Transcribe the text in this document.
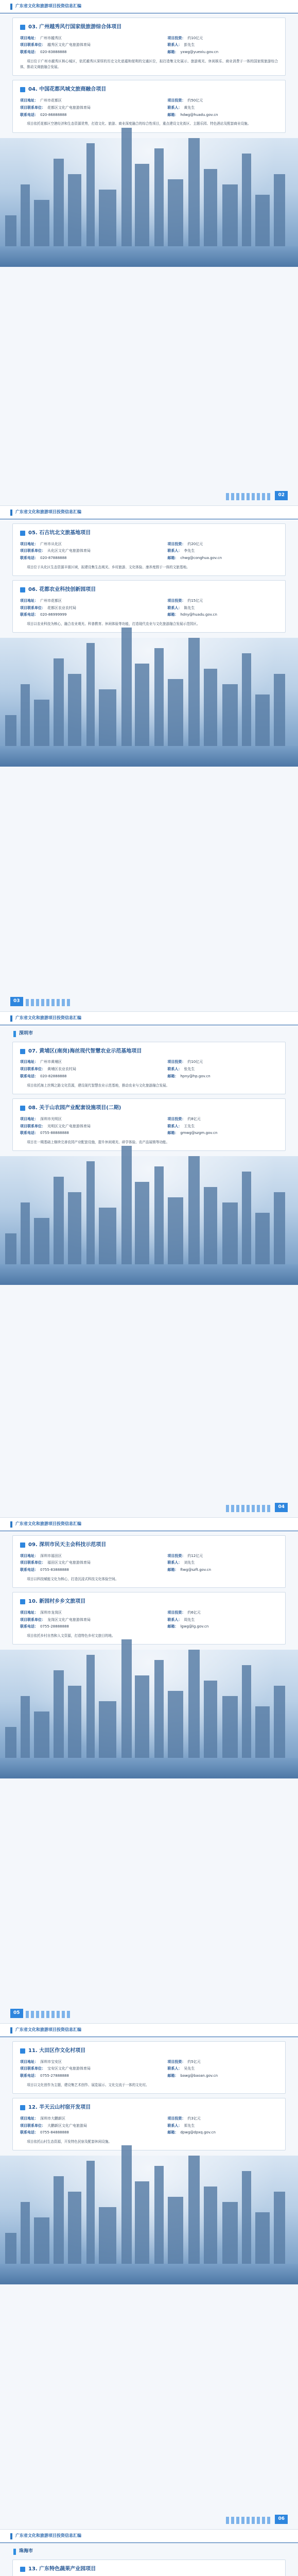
广东省文化和旅游项目投资信息汇编
03. 广州越秀风行国家级旅游综合体项目
项目地址： 广州市越秀区	项目投资： 约10亿元
项目联系单位： 越秀区文化广电旅游体育局	联系人： 彭先生
联系电话： 020-83888888	邮箱： yxwg@yuexiu.gov.cn

项目位于广州市越秀区核心城区，依托越秀区深厚的历史文化底蕴和便利的交通区位，拟打造集文化展示、旅游观光、休闲娱乐、商业消费于一体的国家级旅游综合体，推动文商旅融合发展。

04. 中国花都风城文旅商融合项目
项目地址： 广州市花都区	项目投资： 约50亿元
项目联系单位： 花都区文化广电旅游体育局	联系人： 黄先生
联系电话： 020-86888888	邮箱： hdwg@huadu.gov.cn

项目依托花都区空港经济和生态资源优势，打造文化、旅游、商业深度融合的综合性项目，重点建设文化街区、主题乐园、特色酒店及配套商业设施。

02
广东省文化和旅游项目投资信息汇编
05. 石古坑北文旅基地项目
项目地址： 广州市从化区	项目投资： 约20亿元
项目联系单位： 从化区文化广电旅游体育局	联系人： 李先生
联系电话： 020-87888888	邮箱： chwg@conghua.gov.cn

项目位于从化区生态资源丰富区域，拟建设集生态观光、乡村旅游、文化体验、康养度假于一体的文旅基地。

06. 花都农业科技创新园项目
项目地址： 广州市花都区	项目投资： 约15亿元
项目联系单位： 花都区农业农村局	联系人： 陈先生
联系电话： 020-86999999	邮箱： hdny@huadu.gov.cn

项目以农业科技为核心，融合农业观光、科普教育、休闲体验等功能，打造现代农业与文化旅游融合发展示范园区。

03
广东省文化和旅游项目投资信息汇编
深圳市
07. 黄埔区(南岗)海丝现代智慧农业示范基地项目
项目地址： 广州市黄埔区	项目投资： 约10亿元
项目联系单位： 黄埔区农业农村局	联系人： 张先生
联系电话： 020-82888888	邮箱： hpny@hp.gov.cn

项目依托海上丝绸之路文化资源，建设现代智慧农业示范基地，推动农业与文化旅游融合发展。

08. 关于山农园产业配套设施项目(二期)
项目地址： 深圳市光明区	项目投资： 约8亿元
项目联系单位： 光明区文化广电旅游体育局	联系人： 王先生
联系电话： 0755-88888888	邮箱： gmwg@szgm.gov.cn

项目在一期基础上继续完善农园产业配套设施，提升休闲观光、研学体验、农产品展销等功能。

04
广东省文化和旅游项目投资信息汇编
09. 深圳市民天主会科技示范项目
项目地址： 深圳市福田区	项目投资： 约12亿元
项目联系单位： 福田区文化广电旅游体育局	联系人： 刘先生
联系电话： 0755-83888888	邮箱： ftwg@szft.gov.cn

项目以科技赋能文化为核心，打造沉浸式科技文化体验空间。

10. 新园村乡乡文旅项目
项目地址： 深圳市龙岗区	项目投资： 约6亿元
项目联系单位： 龙岗区文化广电旅游体育局	联系人： 周先生
联系电话： 0755-28888888	邮箱： lgwg@lg.gov.cn

项目依托乡村自然和人文资源，打造特色乡村文旅目的地。

05
广东省文化和旅游项目投资信息汇编
11. 大田区作文化村项目
项目地址： 深圳市宝安区	项目投资： 约5亿元
项目联系单位： 宝安区文化广电旅游体育局	联系人： 吴先生
联系电话： 0755-27888888	邮箱： bawg@baoan.gov.cn

项目以文化创作为主题，建设集艺术创作、展览展示、文化交流于一体的文化村。

12. 半天云山村宿开发项目
项目地址： 深圳市大鹏新区	项目投资： 约3亿元
项目联系单位： 大鹏新区文化广电旅游局	联系人： 郑先生
联系电话： 0755-84888888	邮箱： dpwg@dpxq.gov.cn

项目依托山村生态资源，开发特色民宿及配套休闲设施。

06
广东省文化和旅游项目投资信息汇编
珠海市
13. 广东特色蔬果产业园项目
